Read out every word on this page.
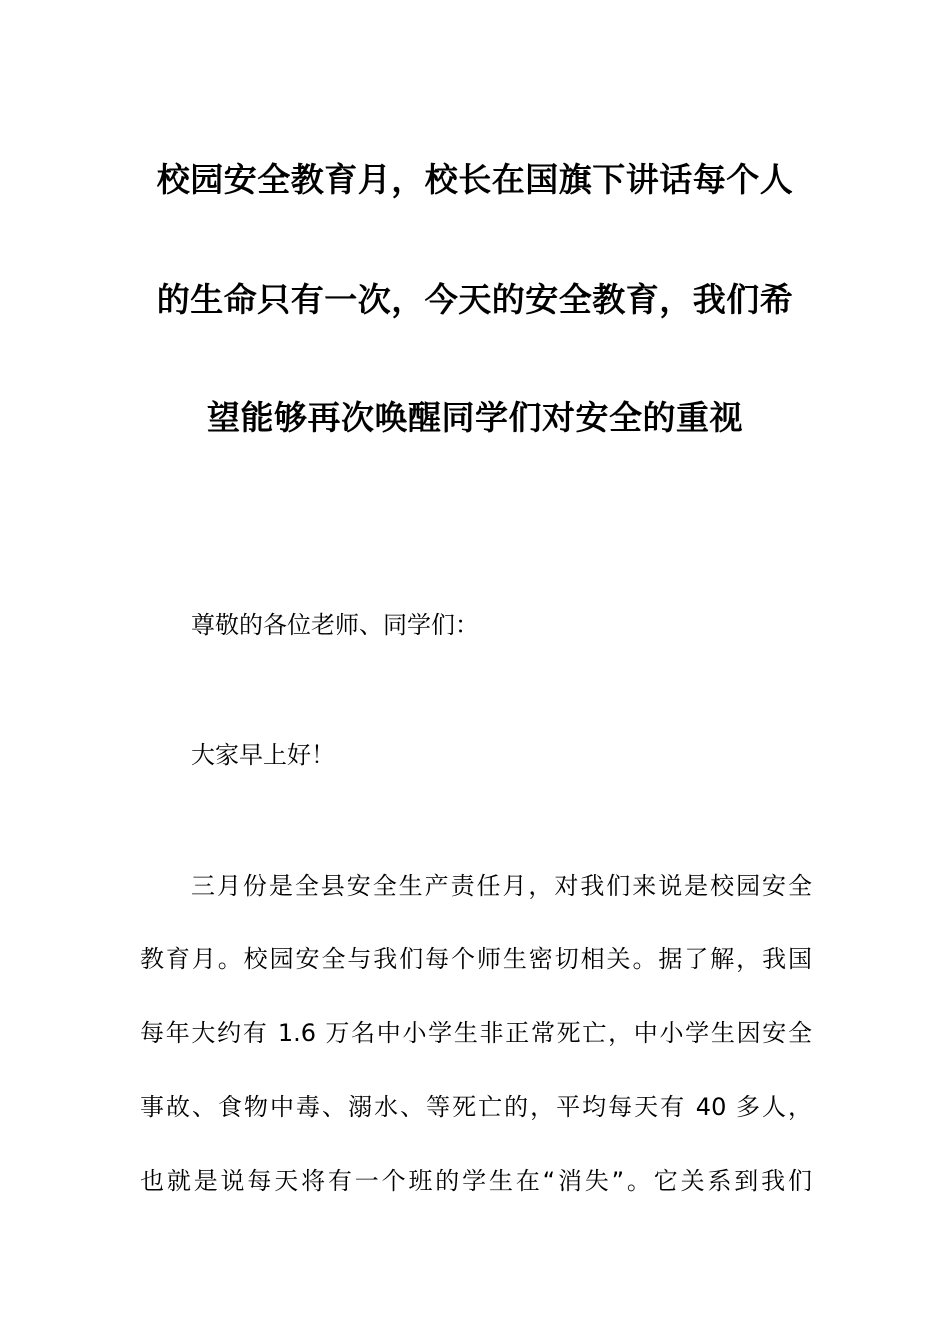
校园安全教育月，校长在国旗下讲话每个人
的生命只有一次，今天的安全教育，我们希
望能够再次唤醒同学们对安全的重视
尊敬的各位老师、同学们：
大家早上好！
三月份是全县安全生产责任月，对我们来说是校园安全
教育月。校园安全与我们每个师生密切相关。据了解，我国
每年大约有 1.6 万名中小学生非正常死亡，中小学生因安全
事故、食物中毒、溺水、等死亡的，平均每天有 40 多人，
也就是说每天将有一个班的学生在“消失”。它关系到我们
